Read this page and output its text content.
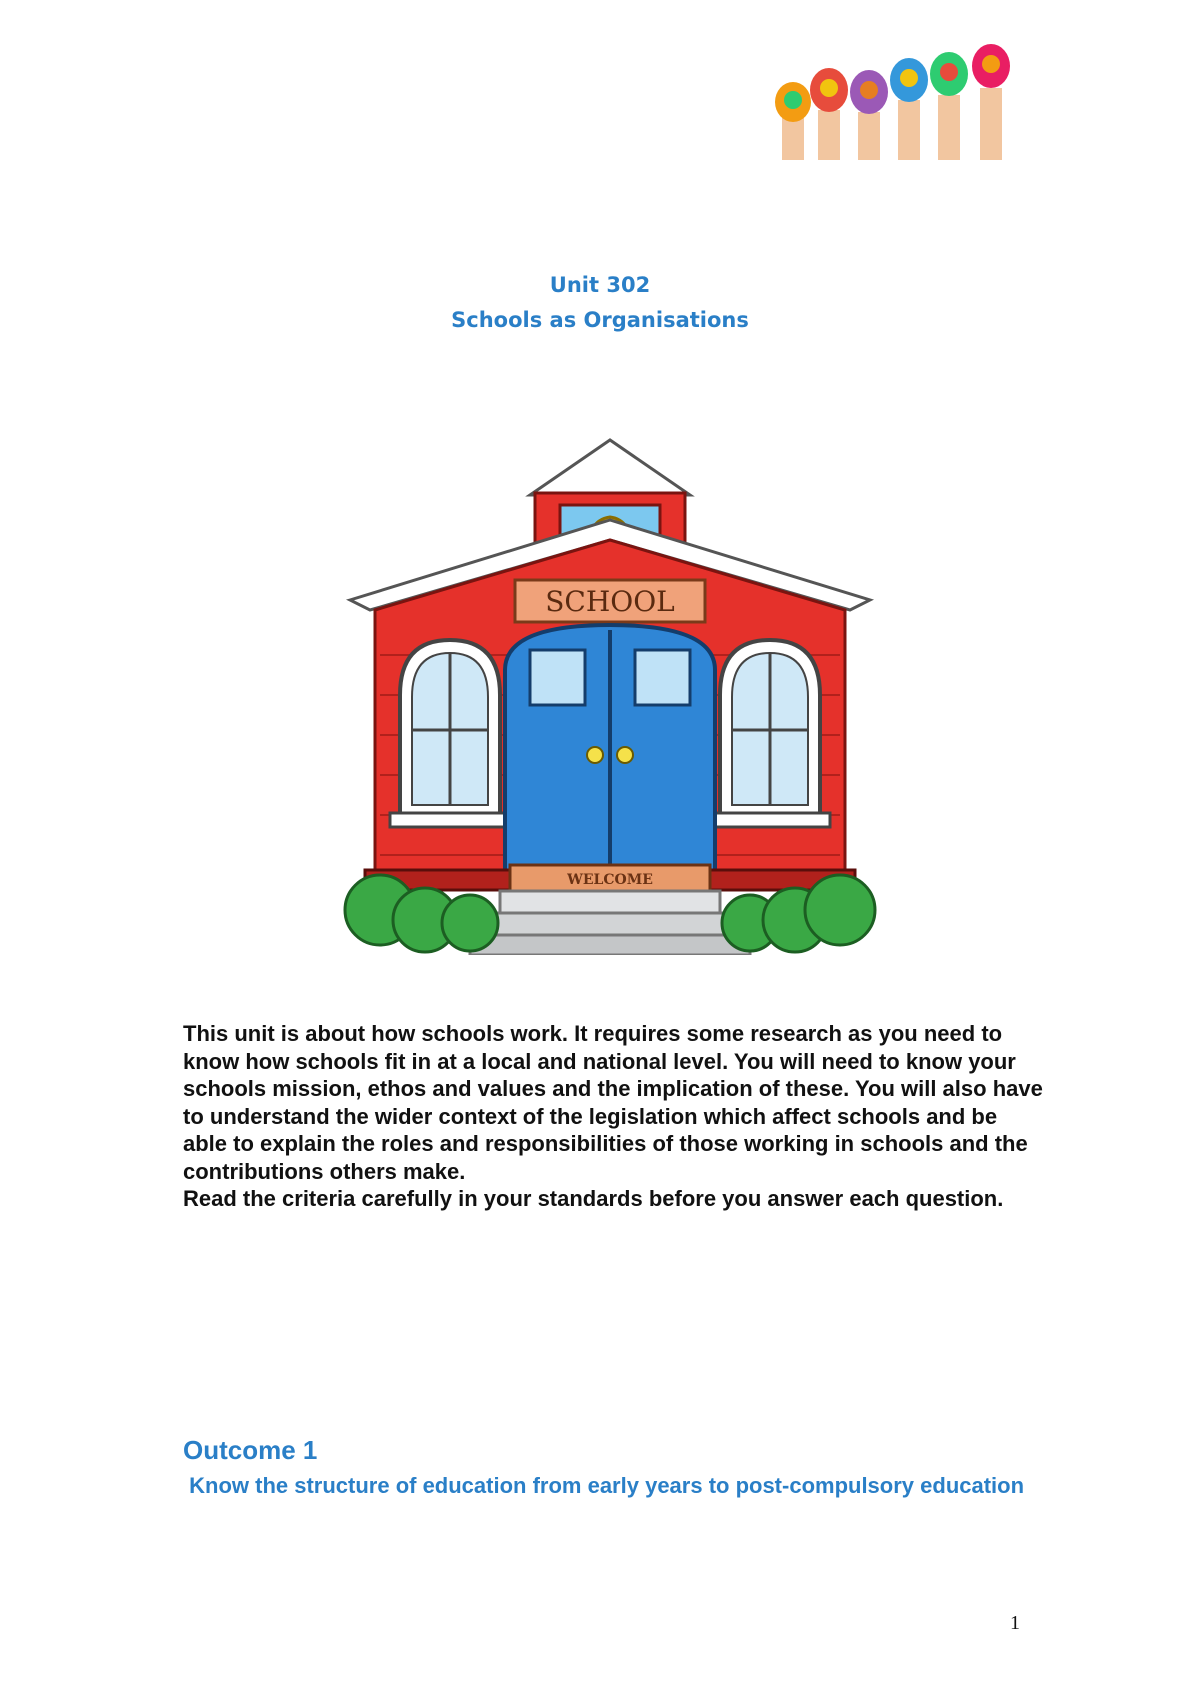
Unit 302
Schools as Organisations
SCHOOL
WELCOME

This unit is about how schools work. It requires some research as you need to know how schools fit in at a local and national level. You will need to know your schools mission, ethos and values and the implication of these. You will also have to understand the wider context of the legislation which affect schools and be able to explain the roles and responsibilities of those working in schools and the contributions others make.

Read the criteria carefully in your standards before you answer each question.

Outcome 1
Know the structure of education from early years to post-compulsory education
1
